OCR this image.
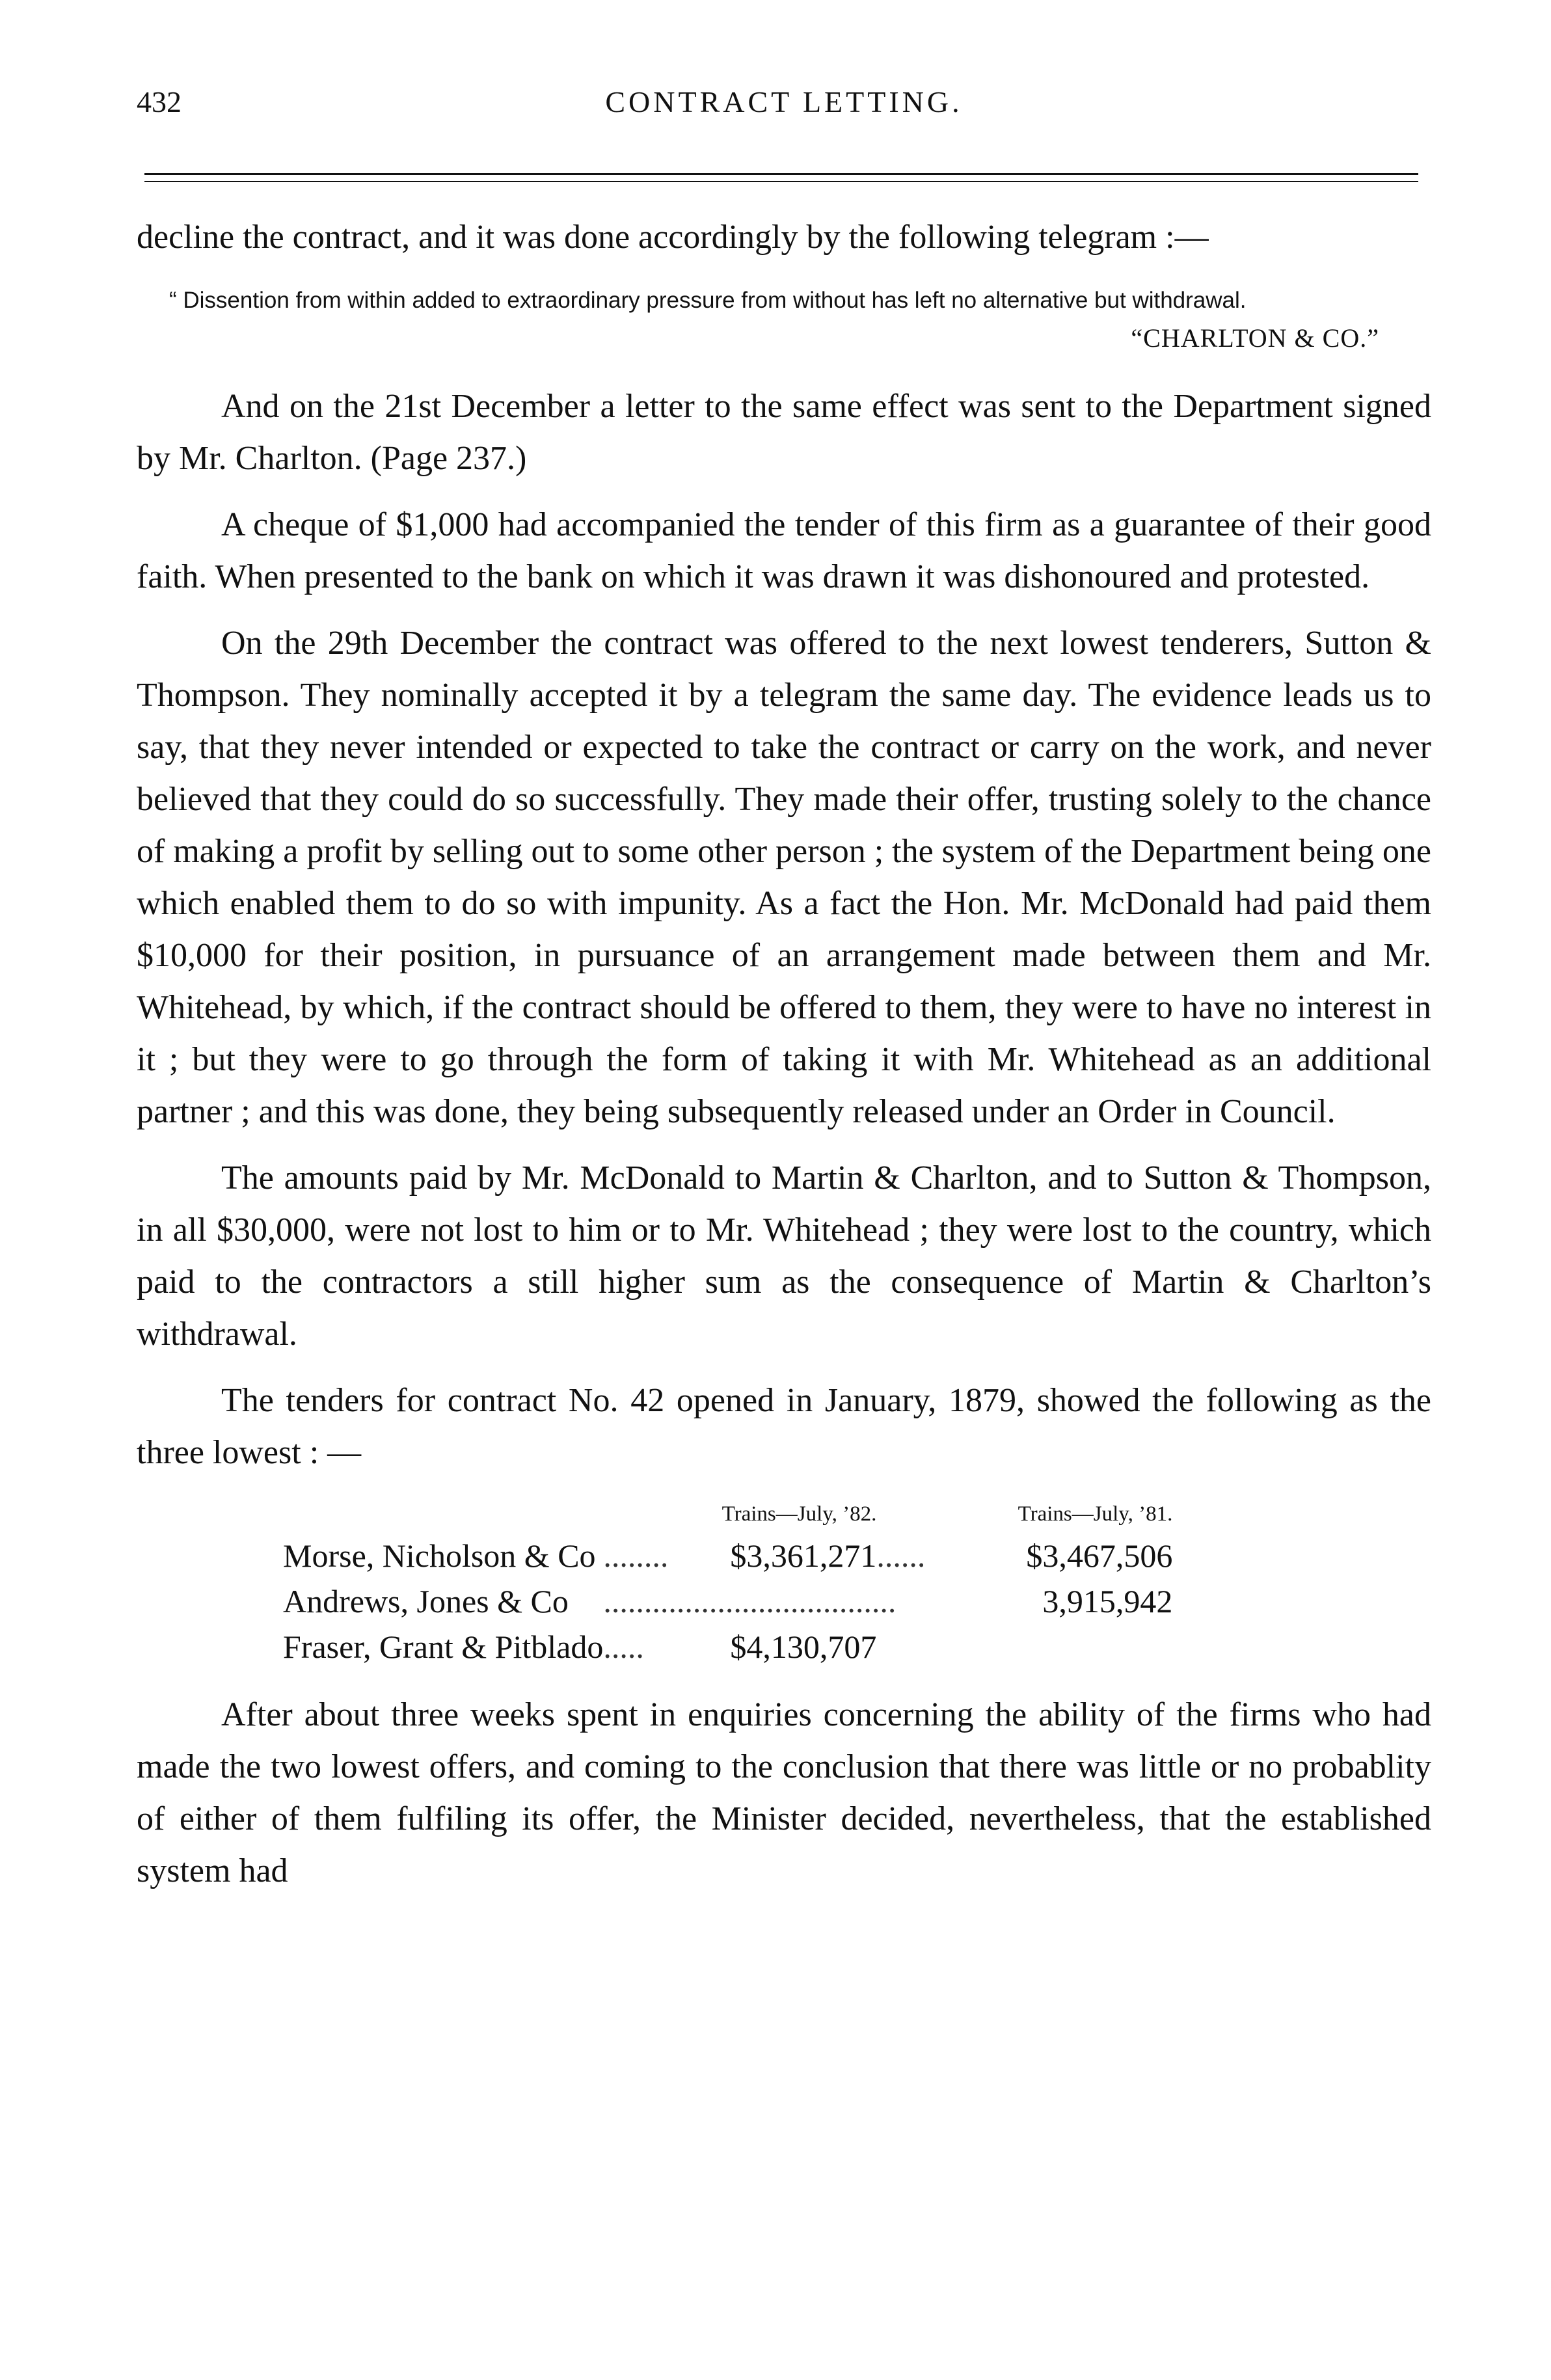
432	CONTRACT LETTING.

decline the contract, and it was done accordingly by the following telegram :—

“ Dissention from within added to extraordinary pressure from without has left no alternative but withdrawal.

“CHARLTON & CO.”

And on the 21st December a letter to the same effect was sent to the Department signed by Mr. Charlton. (Page 237.)

A cheque of $1,000 had accompanied the tender of this firm as a guarantee of their good faith. When presented to the bank on which it was drawn it was dishonoured and protested.

On the 29th December the contract was offered to the next lowest tenderers, Sutton & Thompson. They nominally accepted it by a telegram the same day. The evidence leads us to say, that they never intended or expected to take the contract or carry on the work, and never believed that they could do so successfully. They made their offer, trusting solely to the chance of making a profit by selling out to some other person ; the system of the Department being one which enabled them to do so with impunity. As a fact the Hon. Mr. McDonald had paid them $10,000 for their position, in pursuance of an arrangement made between them and Mr. Whitehead, by which, if the contract should be offered to them, they were to have no interest in it ; but they were to go through the form of taking it with Mr. Whitehead as an additional partner ; and this was done, they being subsequently released under an Order in Council.

The amounts paid by Mr. McDonald to Martin & Charlton, and to Sutton & Thompson, in all $30,000, were not lost to him or to Mr. Whitehead ; they were lost to the country, which paid to the contractors a still higher sum as the consequence of Martin & Charlton’s withdrawal.

The tenders for contract No. 42 opened in January, 1879, showed the following as the three lowest : —

		Trains—July, ’82.		Trains—July, ’81.
Morse, Nicholson & Co	........	$3,361,271	......	$3,467,506
Andrews, Jones & Co	....................................			3,915,942
Fraser, Grant & Pitblado	.....	$4,130,707		

After about three weeks spent in enquiries concerning the ability of the firms who had made the two lowest offers, and coming to the conclusion that there was little or no probablity of either of them fulfiling its offer, the Minister decided, nevertheless, that the established system had
